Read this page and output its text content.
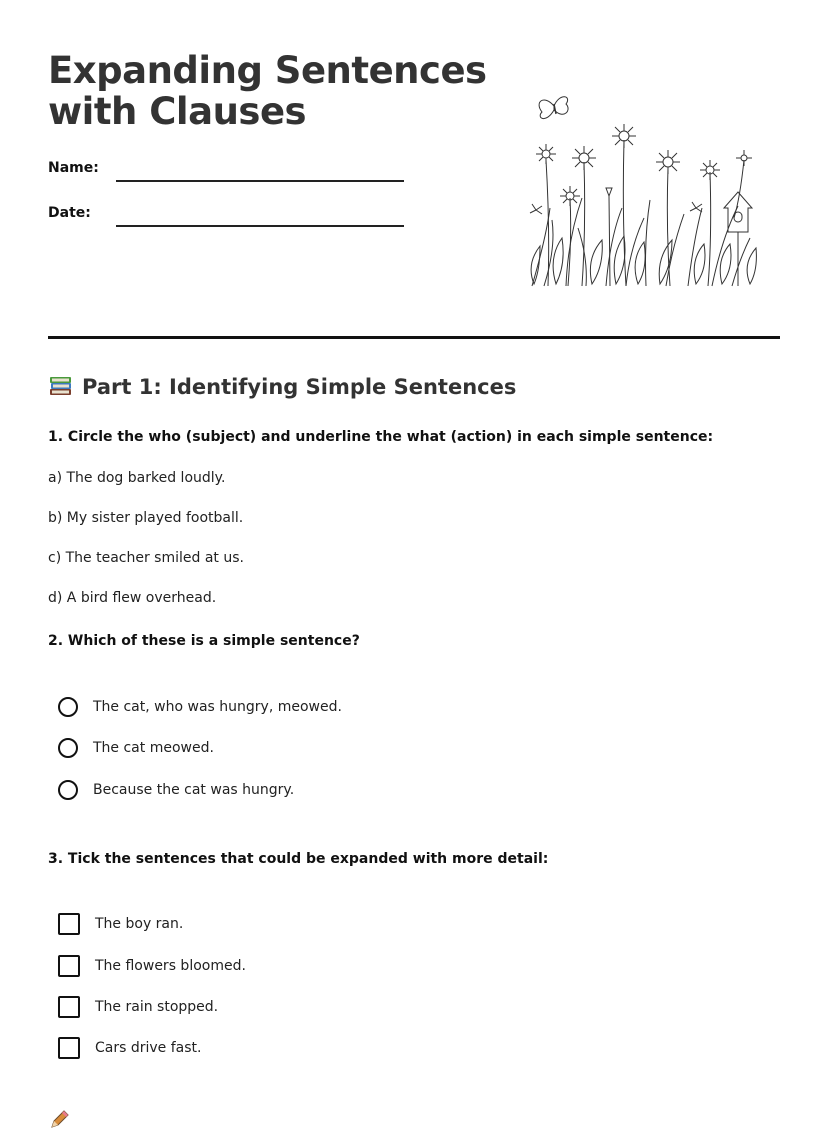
Expanding Sentences
with Clauses
Name:
Date:
Part 1: Identifying Simple Sentences

1. Circle the who (subject) and underline the what (action) in each simple sentence:

a) The dog barked loudly.
b) My sister played football.
c) The teacher smiled at us.
d) A bird flew overhead.

2. Which of these is a simple sentence?

The cat, who was hungry, meowed.
The cat meowed.
Because the cat was hungry.

3. Tick the sentences that could be expanded with more detail:

The boy ran.
The flowers bloomed.
The rain stopped.
Cars drive fast.
